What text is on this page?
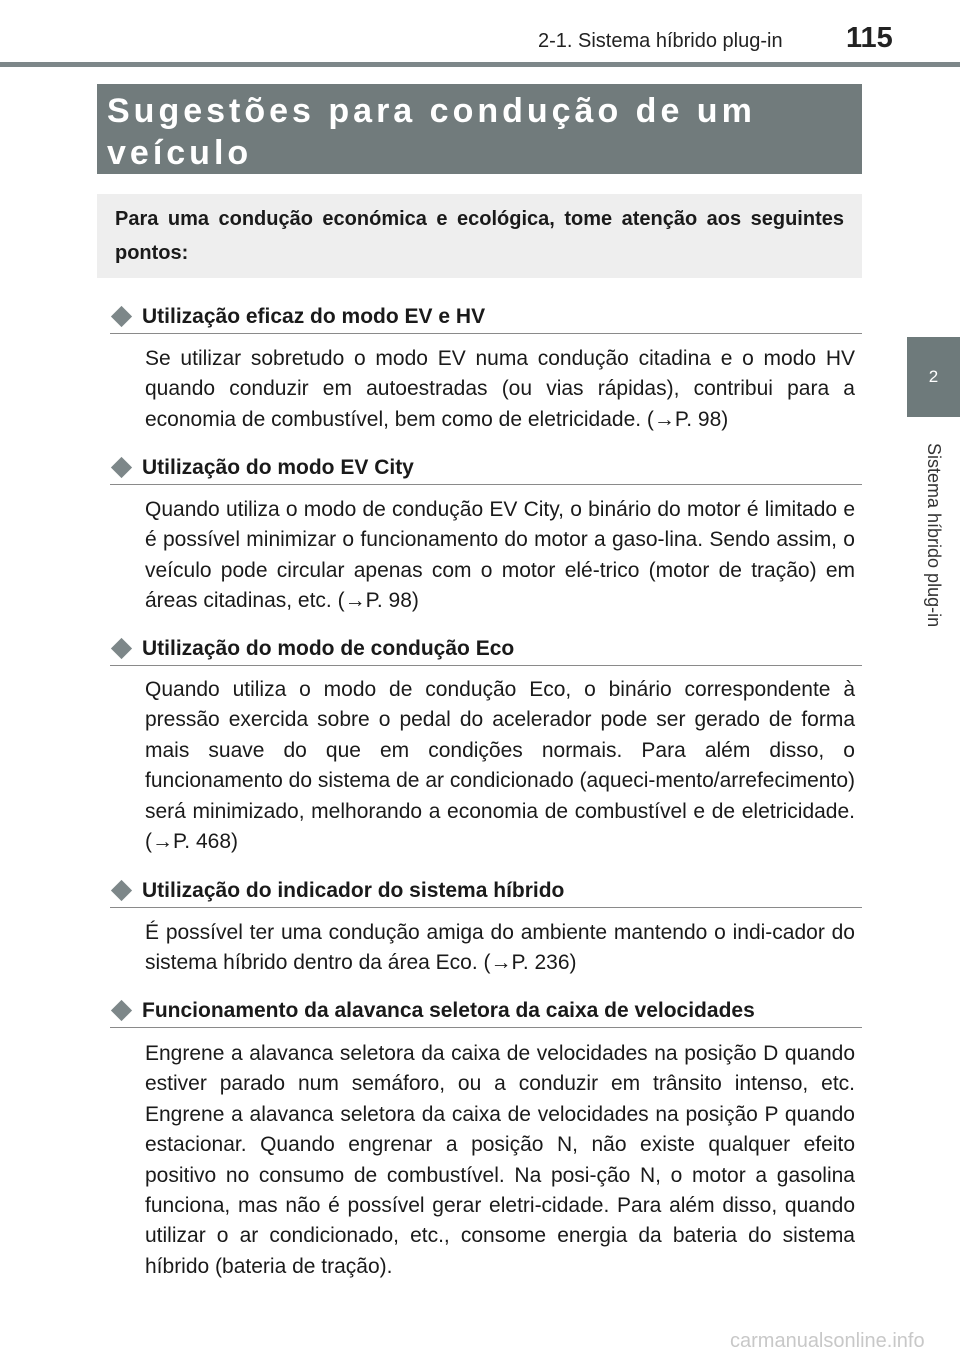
2-1. Sistema híbrido plug-in 115
2
Sistema híbrido plug-in
Sugestões para condução de um veículo
Para uma condução económica e ecológica, tome atenção aos seguintes pontos:
Utilização eficaz do modo EV e HV
Se utilizar sobretudo o modo EV numa condução citadina e o modo HV quando conduzir em autoestradas (ou vias rápidas), contribui para a economia de combustível, bem como de eletricidade. (→P. 98)
Utilização do modo EV City
Quando utiliza o modo de condução EV City, o binário do motor é limitado e é possível minimizar o funcionamento do motor a gaso-lina. Sendo assim, o veículo pode circular apenas com o motor elé-trico (motor de tração) em áreas citadinas, etc. (→P. 98)
Utilização do modo de condução Eco
Quando utiliza o modo de condução Eco, o binário correspondente à pressão exercida sobre o pedal do acelerador pode ser gerado de forma mais suave do que em condições normais. Para além disso, o funcionamento do sistema de ar condicionado (aqueci-mento/arrefecimento) será minimizado, melhorando a economia de combustível e de eletricidade. (→P. 468)
Utilização do indicador do sistema híbrido
É possível ter uma condução amiga do ambiente mantendo o indi-cador do sistema híbrido dentro da área Eco. (→P. 236)
Funcionamento da alavanca seletora da caixa de velocidades
Engrene a alavanca seletora da caixa de velocidades na posição D quando estiver parado num semáforo, ou a conduzir em trânsito intenso, etc. Engrene a alavanca seletora da caixa de velocidades na posição P quando estacionar. Quando engrenar a posição N, não existe qualquer efeito positivo no consumo de combustível. Na posi-ção N, o motor a gasolina funciona, mas não é possível gerar eletri-cidade. Para além disso, quando utilizar o ar condicionado, etc., consome energia da bateria do sistema híbrido (bateria de tração).
carmanualsonline.info
